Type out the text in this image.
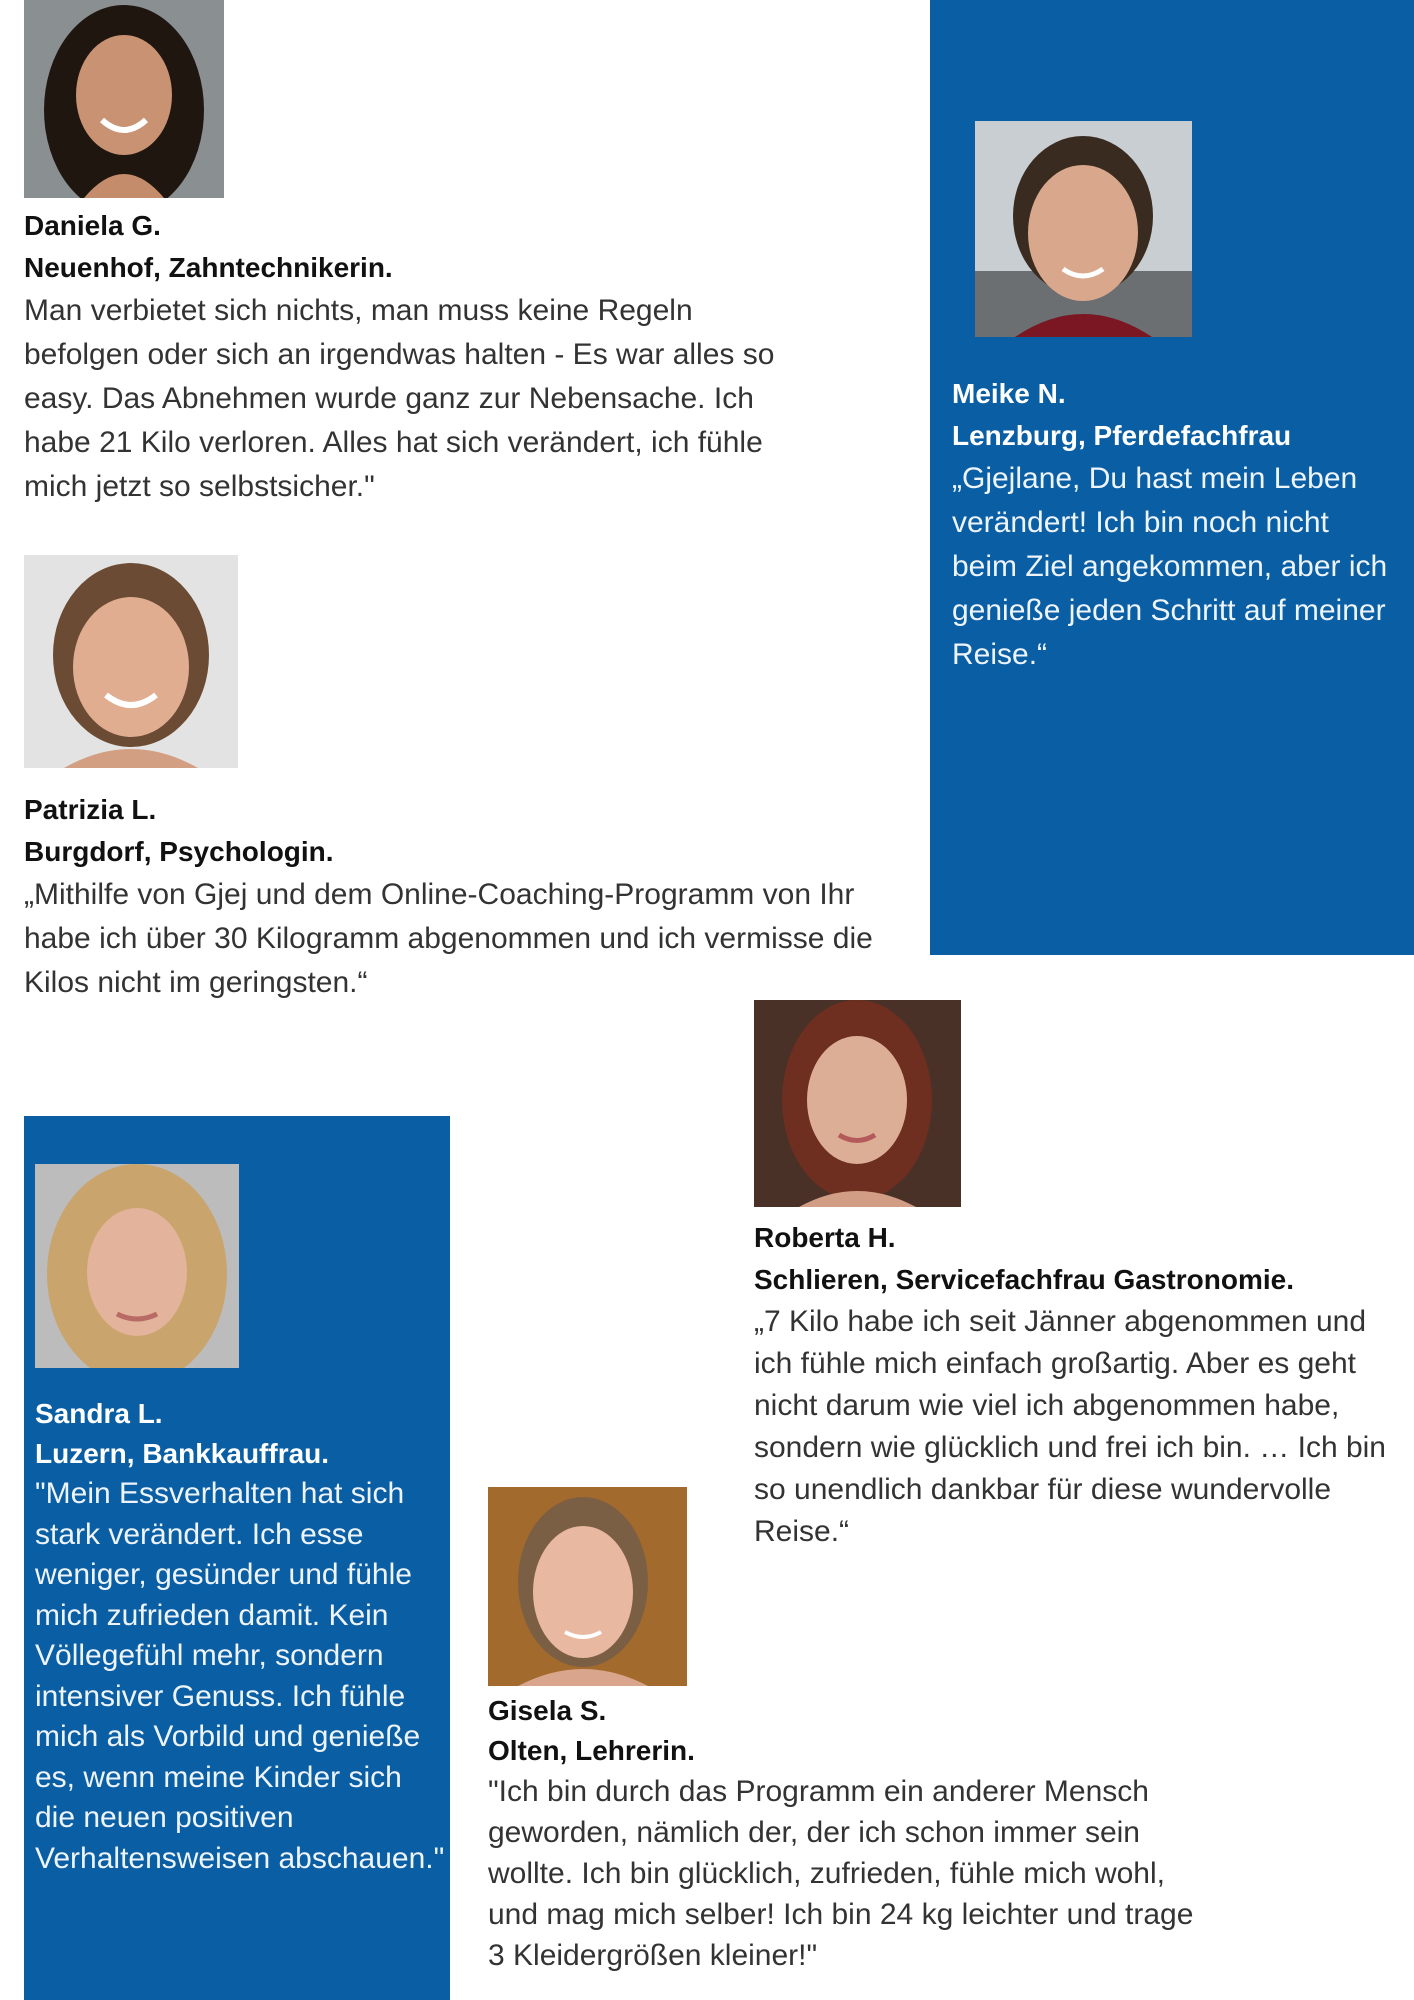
Daniela G.

Neuenhof, Zahntechnikerin.

Man verbietet sich nichts, man muss keine Regeln befolgen oder sich an irgendwas halten - Es war alles so easy. Das Abnehmen wurde ganz zur Nebensache. Ich habe 21 Kilo verloren. Alles hat sich verändert, ich fühle mich jetzt so selbstsicher."

Meike N.

Lenzburg, Pferdefachfrau

„Gjejlane, Du hast mein Leben verändert! Ich bin noch nicht beim Ziel angekommen, aber ich genieße jeden Schritt auf meiner Reise.“

Patrizia L.

Burgdorf, Psychologin.

„Mithilfe von Gjej und dem Online-Coaching-Programm von Ihr habe ich über 30 Kilogramm abgenommen und ich vermisse die Kilos nicht im geringsten.“

Roberta H.

Schlieren, Servicefachfrau Gastronomie.

„7 Kilo habe ich seit Jänner abgenommen und ich fühle mich einfach großartig. Aber es geht nicht darum wie viel ich abgenommen habe, sondern wie glücklich und frei ich bin. … Ich bin so unendlich dankbar für diese wundervolle Reise.“

Sandra L.

Luzern, Bankkauffrau.

"Mein Essverhalten hat sich stark verändert. Ich esse weniger, gesünder und fühle mich zufrieden damit. Kein Völlegefühl mehr, sondern intensiver Genuss. Ich fühle mich als Vorbild und genieße es, wenn meine Kinder sich die neuen positiven Verhaltensweisen abschauen."

Gisela S.

Olten, Lehrerin.

"Ich bin durch das Programm ein anderer Mensch geworden, nämlich der, der ich schon immer sein wollte. Ich bin glücklich, zufrieden, fühle mich wohl, und mag mich selber! Ich bin 24 kg leichter und trage 3 Kleidergrößen kleiner!"
